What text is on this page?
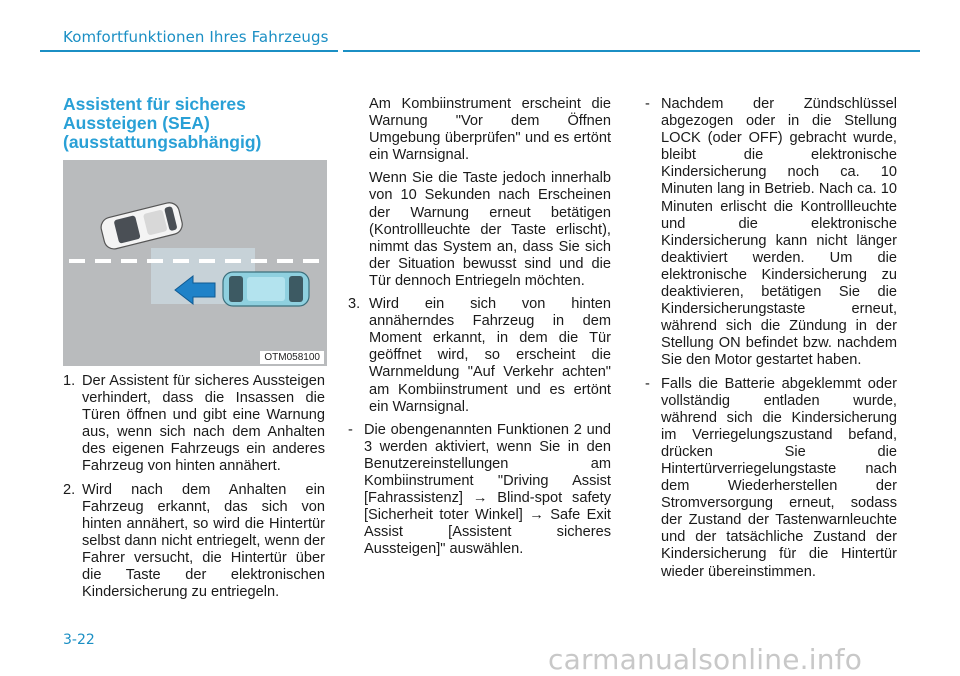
Komfortfunktionen Ihres Fahrzeugs
Assistent für sicheres Aussteigen (SEA) (ausstattungsabhängig)
OTM058100

1. Der Assistent für sicheres Aussteigen verhindert, dass die Insassen die Türen öffnen und gibt eine Warnung aus, wenn sich nach dem Anhalten des eigenen Fahrzeugs ein anderes Fahrzeug von hinten annähert.

2. Wird nach dem Anhalten ein Fahrzeug erkannt, das sich von hinten annähert, so wird die Hintertür selbst dann nicht entriegelt, wenn der Fahrer versucht, die Hintertür über die Taste der elektronischen Kindersicherung zu entriegeln.

Am Kombiinstrument erscheint die Warnung "Vor dem Öffnen Umgebung überprüfen" und es ertönt ein Warnsignal.

Wenn Sie die Taste jedoch innerhalb von 10 Sekunden nach Erscheinen der Warnung erneut betätigen (Kontrollleuchte der Taste erlischt), nimmt das System an, dass Sie sich der Situation bewusst sind und die Tür dennoch Entriegeln möchten.

3. Wird ein sich von hinten annäherndes Fahrzeug in dem Moment erkannt, in dem die Tür geöffnet wird, so erscheint die Warnmeldung "Auf Verkehr achten" am Kombiinstrument und es ertönt ein Warnsignal.

- Die obengenannten Funktionen 2 und 3 werden aktiviert, wenn Sie in den Benutzereinstellungen am Kombiinstrument "Driving Assist [Fahrassistenz] → Blind-spot safety [Sicherheit toter Winkel] → Safe Exit Assist [Assistent sicheres Aussteigen]" auswählen.

- Nachdem der Zündschlüssel abgezogen oder in die Stellung LOCK (oder OFF) gebracht wurde, bleibt die elektronische Kindersicherung noch ca. 10 Minuten lang in Betrieb. Nach ca. 10 Minuten erlischt die Kontrollleuchte und die elektronische Kindersicherung kann nicht länger deaktiviert werden. Um die elektronische Kindersicherung zu deaktivieren, betätigen Sie die Kindersicherungstaste erneut, während sich die Zündung in der Stellung ON befindet bzw. nachdem Sie den Motor gestartet haben.

- Falls die Batterie abgeklemmt oder vollständig entladen wurde, während sich die Kindersicherung im Verriegelungszustand befand, drücken Sie die Hintertürverriegelungstaste nach dem Wiederherstellen der Stromversorgung erneut, sodass der Zustand der Tastenwarnleuchte und der tatsächliche Zustand der Kindersicherung für die Hintertür wieder übereinstimmen.

3-22
carmanualsonline.info
